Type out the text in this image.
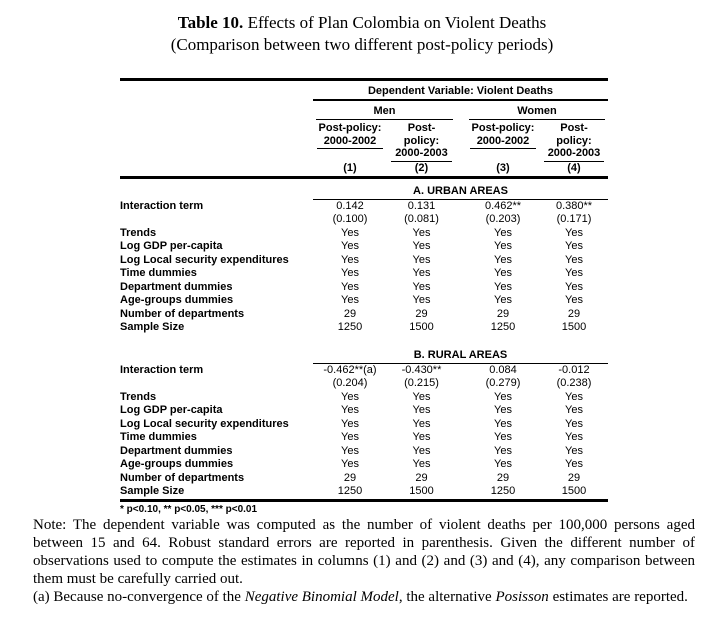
Table 10. Effects of Plan Colombia on Violent Deaths
(Comparison between two different post-policy periods)
Dependent Variable: Violent Deaths
Men	Women
Post-policy:
2000-2002
Post-policy:
2000-2003
Post-policy:
2000-2002
Post-policy:
2000-2003
(1)	(2)	(3)	(4)
A. URBAN AREAS
Interaction term	0.142	0.131	0.462**	0.380**
(0.100)	(0.081)	(0.203)	(0.171)
Trends	Yes	Yes	Yes	Yes
Log GDP per-capita	Yes	Yes	Yes	Yes
Log Local security expenditures	Yes	Yes	Yes	Yes
Time dummies	Yes	Yes	Yes	Yes
Department dummies	Yes	Yes	Yes	Yes
Age-groups dummies	Yes	Yes	Yes	Yes
Number of departments	29	29	29	29
Sample Size	1250	1500	1250	1500
B. RURAL AREAS
Interaction term	-0.462**(a)	-0.430**	0.084	-0.012
(0.204)	(0.215)	(0.279)	(0.238)
Trends	Yes	Yes	Yes	Yes
Log GDP per-capita	Yes	Yes	Yes	Yes
Log Local security expenditures	Yes	Yes	Yes	Yes
Time dummies	Yes	Yes	Yes	Yes
Department dummies	Yes	Yes	Yes	Yes
Age-groups dummies	Yes	Yes	Yes	Yes
Number of departments	29	29	29	29
Sample Size	1250	1500	1250	1500
* p<0.10, ** p<0.05, *** p<0.01

Note: The dependent variable was computed as the number of violent deaths per 100,000 persons aged between 15 and 64. Robust standard errors are reported in parenthesis. Given the different number of observations used to compute the estimates in columns (1) and (2) and (3) and (4), any comparison between them must be carefully carried out.

(a) Because no-convergence of the Negative Binomial Model, the alternative Posisson estimates are reported.
